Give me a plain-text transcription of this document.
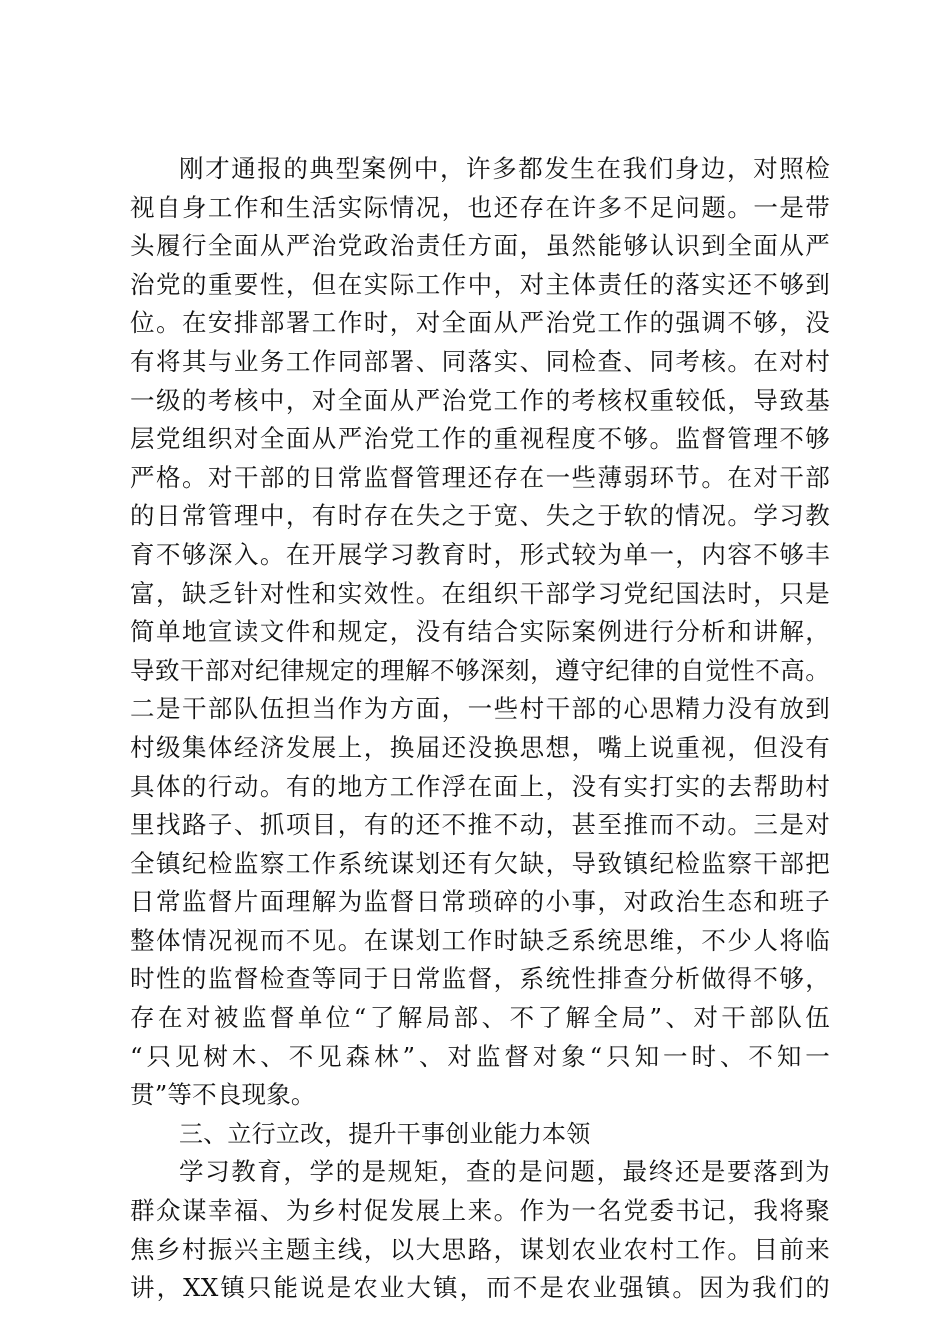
刚才通报的典型案例中，许多都发生在我们身边，对照检
视自身工作和生活实际情况，也还存在许多不足问题。一是带
头履行全面从严治党政治责任方面，虽然能够认识到全面从严
治党的重要性，但在实际工作中，对主体责任的落实还不够到
位。在安排部署工作时，对全面从严治党工作的强调不够，没
有将其与业务工作同部署、同落实、同检查、同考核。在对村
一级的考核中，对全面从严治党工作的考核权重较低，导致基
层党组织对全面从严治党工作的重视程度不够。监督管理不够
严格。对干部的日常监督管理还存在一些薄弱环节。在对干部
的日常管理中，有时存在失之于宽、失之于软的情况。学习教
育不够深入。在开展学习教育时，形式较为单一，内容不够丰
富，缺乏针对性和实效性。在组织干部学习党纪国法时，只是
简单地宣读文件和规定，没有结合实际案例进行分析和讲解，
导致干部对纪律规定的理解不够深刻，遵守纪律的自觉性不高。
二是干部队伍担当作为方面，一些村干部的心思精力没有放到
村级集体经济发展上，换届还没换思想，嘴上说重视，但没有
具体的行动。有的地方工作浮在面上，没有实打实的去帮助村
里找路子、抓项目，有的还不推不动，甚至推而不动。三是对
全镇纪检监察工作系统谋划还有欠缺，导致镇纪检监察干部把
日常监督片面理解为监督日常琐碎的小事，对政治生态和班子
整体情况视而不见。在谋划工作时缺乏系统思维，不少人将临
时性的监督检查等同于日常监督，系统性排查分析做得不够，
存在对被监督单位“了解局部、不了解全局”、对干部队伍
“只见树木、不见森林”、对监督对象“只知一时、不知一
贯”等不良现象。
三、立行立改，提升干事创业能力本领
学习教育，学的是规矩，查的是问题，最终还是要落到为
群众谋幸福、为乡村促发展上来。作为一名党委书记，我将聚
焦乡村振兴主题主线，以大思路，谋划农业农村工作。目前来
讲，XX镇只能说是农业大镇，而不是农业强镇。因为我们的
